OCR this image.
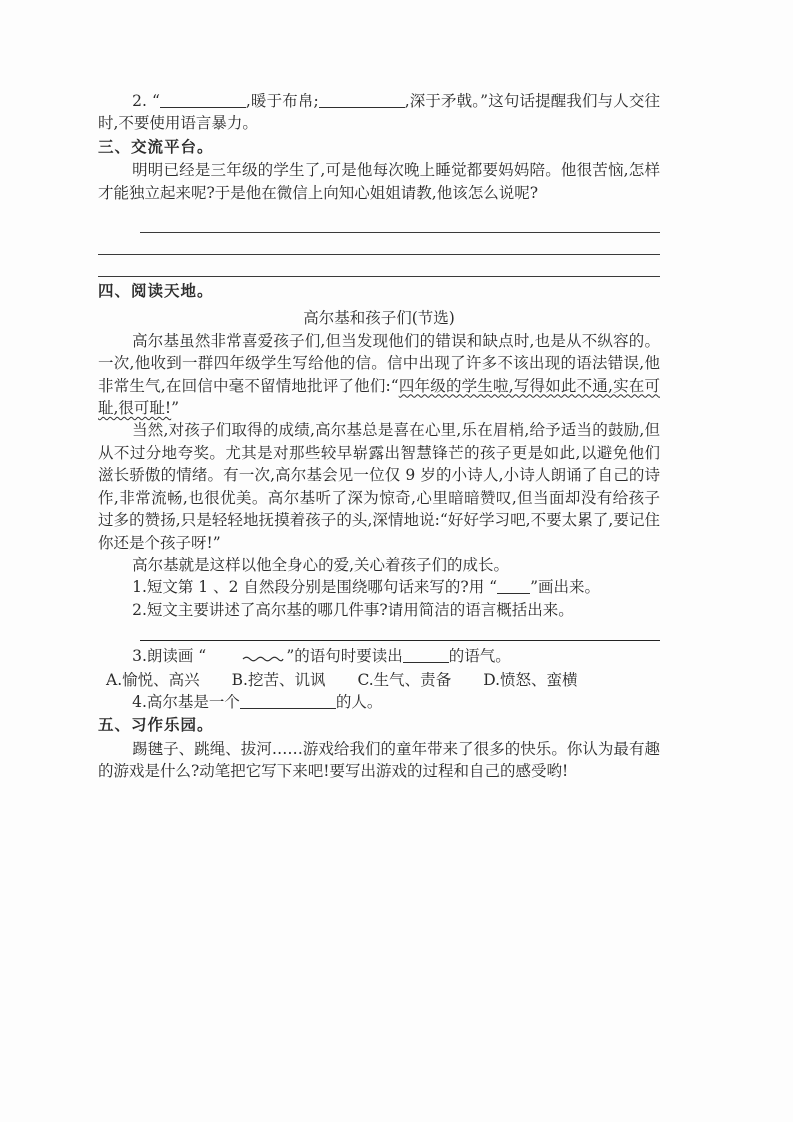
2. “	,暖于布帛;	,深于矛戟。”这句话提醒我们与人交往时,不要使用语言暴力。

三、交流平台。

明明已经是三年级的学生了,可是他每次晚上睡觉都要妈妈陪。他很苦恼,怎样才能独立起来呢?于是他在微信上向知心姐姐请教,他该怎么说呢?

四、阅读天地。
高尔基和孩子们(节选)

高尔基虽然非常喜爱孩子们,但当发现他们的错误和缺点时,也是从不纵容的。一次,他收到一群四年级学生写给他的信。信中出现了许多不该出现的语法错误,他非常生气,在回信中毫不留情地批评了他们:“四年级的学生啦,写得如此不通,实在可耻,很可耻!”

当然,对孩子们取得的成绩,高尔基总是喜在心里,乐在眉梢,给予适当的鼓励,但从不过分地夸奖。尤其是对那些较早崭露出智慧锋芒的孩子更是如此,以避免他们滋长骄傲的情绪。有一次,高尔基会见一位仅 9 岁的小诗人,小诗人朗诵了自己的诗作,非常流畅,也很优美。高尔基听了深为惊奇,心里暗暗赞叹,但当面却没有给孩子过多的赞扬,只是轻轻地抚摸着孩子的头,深情地说:“好好学习吧,不要太累了,要记住你还是个孩子呀!”

高尔基就是这样以他全身心的爱,关心着孩子们的成长。

1.短文第 1 、2 自然段分别是围绕哪句话来写的?用 “ ”画出来。

2.短文主要讲述了高尔基的哪几件事?请用简洁的语言概括出来。

3.朗读画 “	”的语句时要读出	的语气。

A.愉悦、高兴 B.挖苦、讥讽 C.生气、责备 D.愤怒、蛮横

4.高尔基是一个	的人。

五、习作乐园。

踢毽子、跳绳、拔河……游戏给我们的童年带来了很多的快乐。你认为最有趣的游戏是什么?动笔把它写下来吧!要写出游戏的过程和自己的感受哟!
